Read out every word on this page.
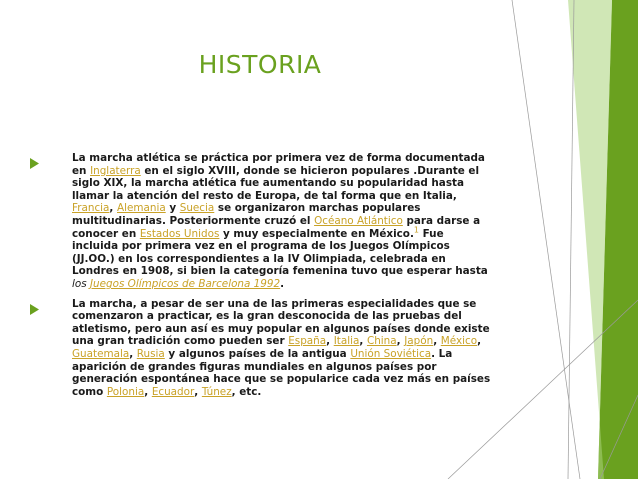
HISTORIA

La marcha atlética se práctica por primera vez de forma documentada en Inglaterra en el siglo XVIII, donde se hicieron populares .Durante el siglo XIX, la marcha atlética fue aumentando su popularidad hasta llamar la atención del resto de Europa, de tal forma que en Italia, Francia, Alemania y Suecia se organizaron marchas populares multitudinarias. Posteriormente cruzó el Océano Atlántico para darse a conocer en Estados Unidos y muy especialmente en México.$^1$ Fue incluida por primera vez en el programa de los Juegos Olímpicos (JJ.OO.) en los correspondientes a la IV Olimpiada, celebrada en Londres en 1908, si bien la categoría femenina tuvo que esperar hasta los Juegos Olímpicos de Barcelona 1992.

La marcha, a pesar de ser una de las primeras especialidades que se comenzaron a practicar, es la gran desconocida de las pruebas del atletismo, pero aun así es muy popular en algunos países donde existe una gran tradición como pueden ser España, Italia, China, Japón, México, Guatemala, Rusia y algunos países de la antigua Unión Soviética. La aparición de grandes figuras mundiales en algunos países por generación espontánea hace que se popularice cada vez más en países como Polonia, Ecuador, Túnez, etc.
